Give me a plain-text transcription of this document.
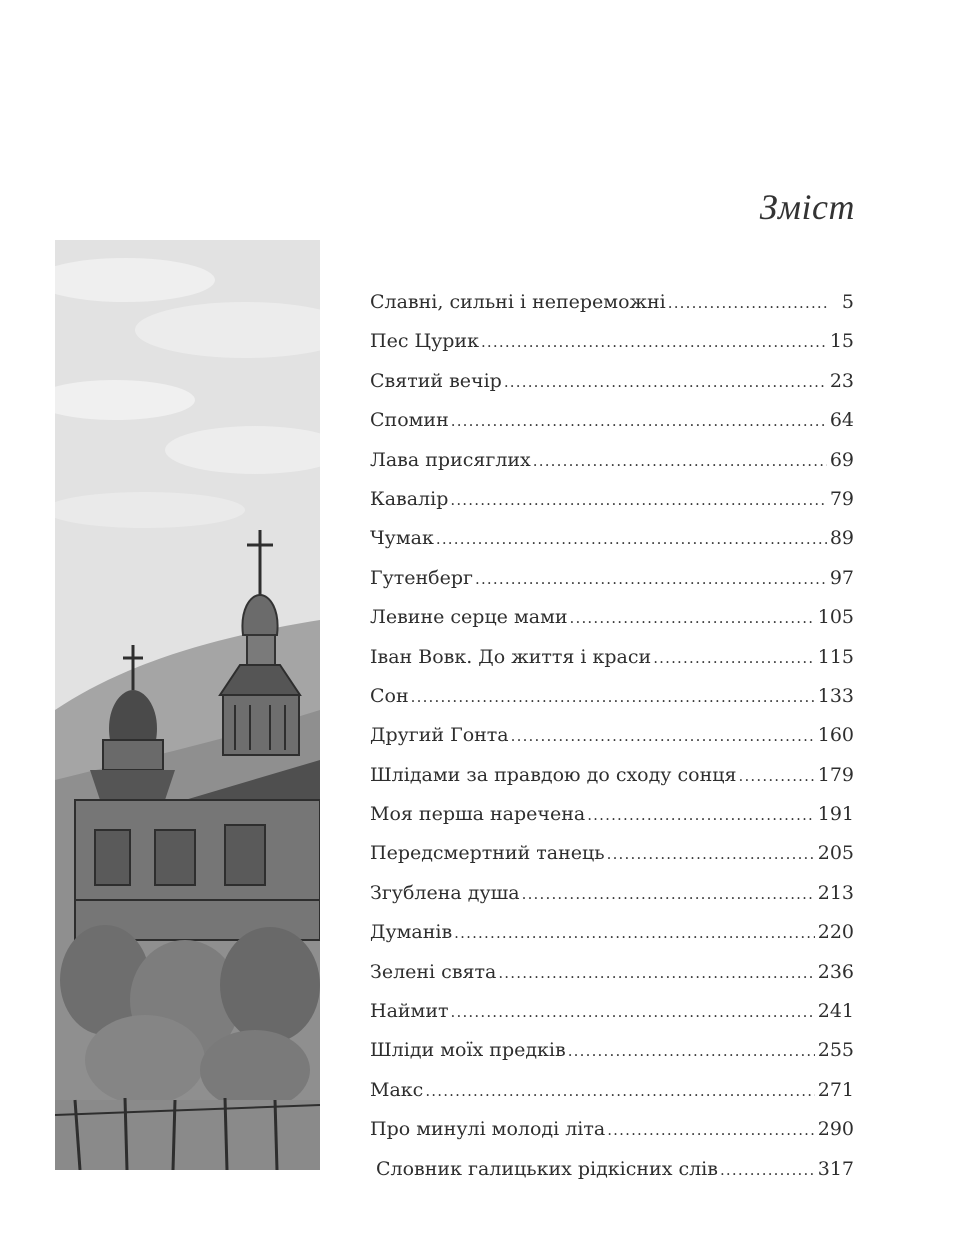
Зміст
Славні, сильні і непереможні .....	5
Пес Цурик .....	15
Святий вечір .....	23
Спомин .....	64
Лава присяглих .....	69
Кавалір .....	79
Чумак .....	89
Гутенберг .....	97
Левине серце мами .....	105
Іван Вовк. До життя і краси .....	115
Сон .....	133
Другий Гонта .....	160
Шлідами за правдою до сходу сонця .....	179
Моя перша наречена .....	191
Передсмертний танець .....	205
Згублена душа .....	213
Думанів .....	220
Зелені свята .....	236
Наймит .....	241
Шліди моїх предків .....	255
Макс .....	271
Про минулі молоді літа .....	290
Словник галицьких рідкісних слів .....	317
